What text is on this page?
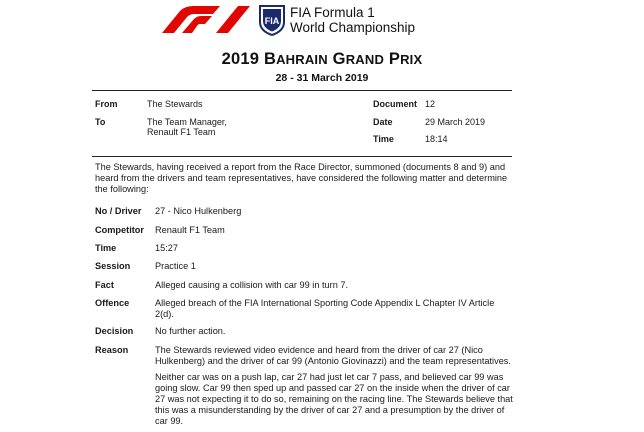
FIA
FIA Formula 1
World Championship
2019 BAHRAIN GRAND PRIX
28 - 31 March 2019
From	The Stewards
To	The Team Manager,
Renault F1 Team
Document 12
Date	29 March 2019
Time	18:14
The Stewards, having received a report from the Race Director, summoned (documents 8 and 9) and heard from the drivers and team representatives, have considered the following matter and determine the following:
No / Driver 27 - Nico Hulkenberg
Competitor Renault F1 Team
Time	15:27
Session	Practice 1
Fact	Alleged causing a collision with car 99 in turn 7.
Offence	Alleged breach of the FIA International Sporting Code Appendix L Chapter IV Article 2(d).
Decision No further action.
Reason	The Stewards reviewed video evidence and heard from the driver of car 27 (Nico Hulkenberg) and the driver of car 99 (Antonio Giovinazzi) and the team representatives.

Neither car was on a push lap, car 27 had just let car 7 pass, and believed car 99 was going slow. Car 99 then sped up and passed car 27 on the inside when the driver of car 27 was not expecting it to do so, remaining on the racing line. The Stewards believe that this was a misunderstanding by the driver of car 27 and a presumption by the driver of car 99.
